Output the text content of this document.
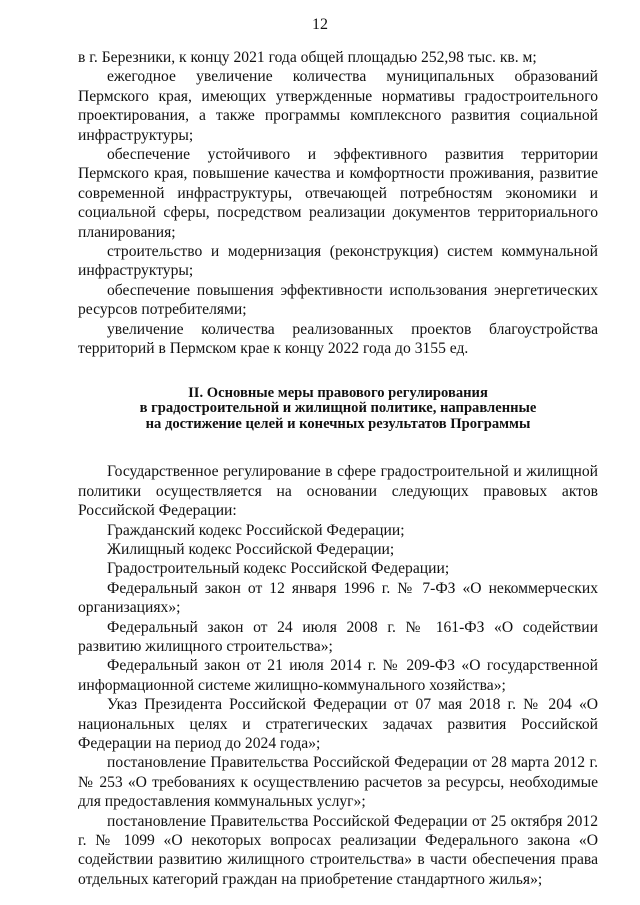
12

в г. Березники, к концу 2021 года общей площадью 252,98 тыс. кв. м;

ежегодное увеличение количества муниципальных образований Пермского края, имеющих утвержденные нормативы градостроительного проектирования, а также программы комплексного развития социальной инфраструктуры;

обеспечение устойчивого и эффективного развития территории Пермского края, повышение качества и комфортности проживания, развитие современной инфраструктуры, отвечающей потребностям экономики и социальной сферы, посредством реализации документов территориального планирования;

строительство и модернизация (реконструкция) систем коммунальной инфраструктуры;

обеспечение повышения эффективности использования энергетических ресурсов потребителями;

увеличение количества реализованных проектов благоустройства территорий в Пермском крае к концу 2022 года до 3155 ед.

II. Основные меры правового регулирования
в градостроительной и жилищной политике, направленные
на достижение целей и конечных результатов Программы

Государственное регулирование в сфере градостроительной и жилищной политики осуществляется на основании следующих правовых актов Российской Федерации:

Гражданский кодекс Российской Федерации;

Жилищный кодекс Российской Федерации;

Градостроительный кодекс Российской Федерации;

Федеральный закон от 12 января 1996 г. № 7-ФЗ «О некоммерческих организациях»;

Федеральный закон от 24 июля 2008 г. № 161-ФЗ «О содействии развитию жилищного строительства»;

Федеральный закон от 21 июля 2014 г. № 209-ФЗ «О государственной информационной системе жилищно-коммунального хозяйства»;

Указ Президента Российской Федерации от 07 мая 2018 г. № 204 «О национальных целях и стратегических задачах развития Российской Федерации на период до 2024 года»;

постановление Правительства Российской Федерации от 28 марта 2012 г. № 253 «О требованиях к осуществлению расчетов за ресурсы, необходимые для предоставления коммунальных услуг»;

постановление Правительства Российской Федерации от 25 октября 2012 г. № 1099 «О некоторых вопросах реализации Федерального закона «О содействии развитию жилищного строительства» в части обеспечения права отдельных категорий граждан на приобретение стандартного жилья»;
